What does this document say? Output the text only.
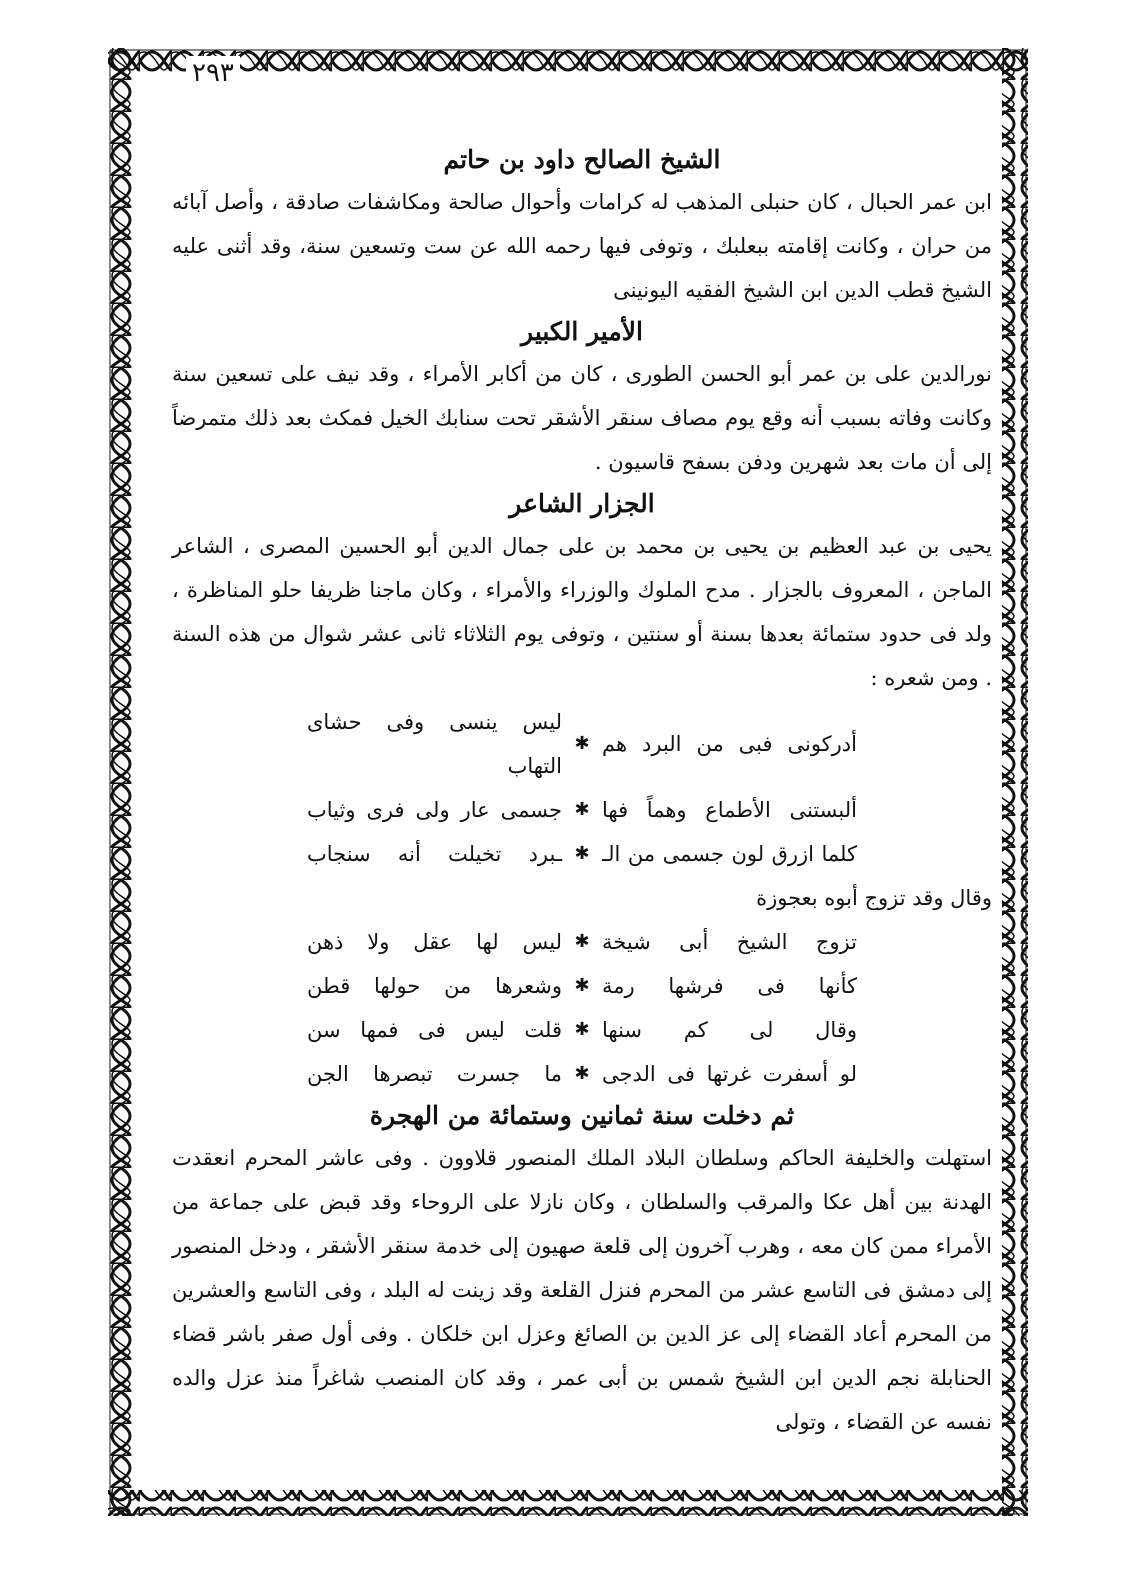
٢٩٣
الشيخ الصالح داود بن حاتم

ابن عمر الحبال ، كان حنبلى المذهب له كرامات وأحوال صالحة ومكاشفات صادقة ، وأصل آبائه من حران ، وكانت إقامته ببعلبك ، وتوفى فيها رحمه الله عن ست وتسعين سنة، وقد أثنى عليه الشيخ قطب الدين ابن الشيخ الفقيه اليونينى

الأمير الكبير

نورالدين على بن عمر أبو الحسن الطورى ، كان من أكابر الأمراء ، وقد نيف على تسعين سنة وكانت وفاته بسبب أنه وقع يوم مصاف سنقر الأشقر تحت سنابك الخيل فمكث بعد ذلك متمرضاً إلى أن مات بعد شهرين ودفن بسفح قاسيون .

الجزار الشاعر

يحيى بن عبد العظيم بن يحيى بن محمد بن على جمال الدين أبو الحسين المصرى ، الشاعر الماجن ، المعروف بالجزار . مدح الملوك والوزراء والأمراء ، وكان ماجنا ظريفا حلو المناظرة ، ولد فى حدود ستمائة بعدها بسنة أو سنتين ، وتوفى يوم الثلاثاء ثانى عشر شوال من هذه السنة . ومن شعره :

أدركونى فبى من البرد هم
✱
ليس ينسى وفى حشاى التهاب
ألبستنى الأطماع وهماً فها
✱
جسمى عار ولى فرى وثياب
كلما ازرق لون جسمى من الـ
✱
ـبرد تخيلت أنه سنجاب

وقال وقد تزوج أبوه بعجوزة

تزوج الشيخ أبى شيخة
✱
ليس لها عقل ولا ذهن
كأنها فى فرشها رمة
✱
وشعرها من حولها قطن
وقال لى كم سنها
✱
قلت ليس فى فمها سن
لو أسفرت غرتها فى الدجى
✱
ما جسرت تبصرها الجن
ثم دخلت سنة ثمانين وستمائة من الهجرة

استهلت والخليفة الحاكم وسلطان البلاد الملك المنصور قلاوون . وفى عاشر المحرم انعقدت الهدنة بين أهل عكا والمرقب والسلطان ، وكان نازلا على الروحاء وقد قبض على جماعة من الأمراء ممن كان معه ، وهرب آخرون إلى قلعة صهيون إلى خدمة سنقر الأشقر ، ودخل المنصور إلى دمشق فى التاسع عشر من المحرم فنزل القلعة وقد زينت له البلد ، وفى التاسع والعشرين من المحرم أعاد القضاء إلى عز الدين بن الصائغ وعزل ابن خلكان . وفى أول صفر باشر قضاء الحنابلة نجم الدين ابن الشيخ شمس بن أبى عمر ، وقد كان المنصب شاغراً منذ عزل والده نفسه عن القضاء ، وتولى
